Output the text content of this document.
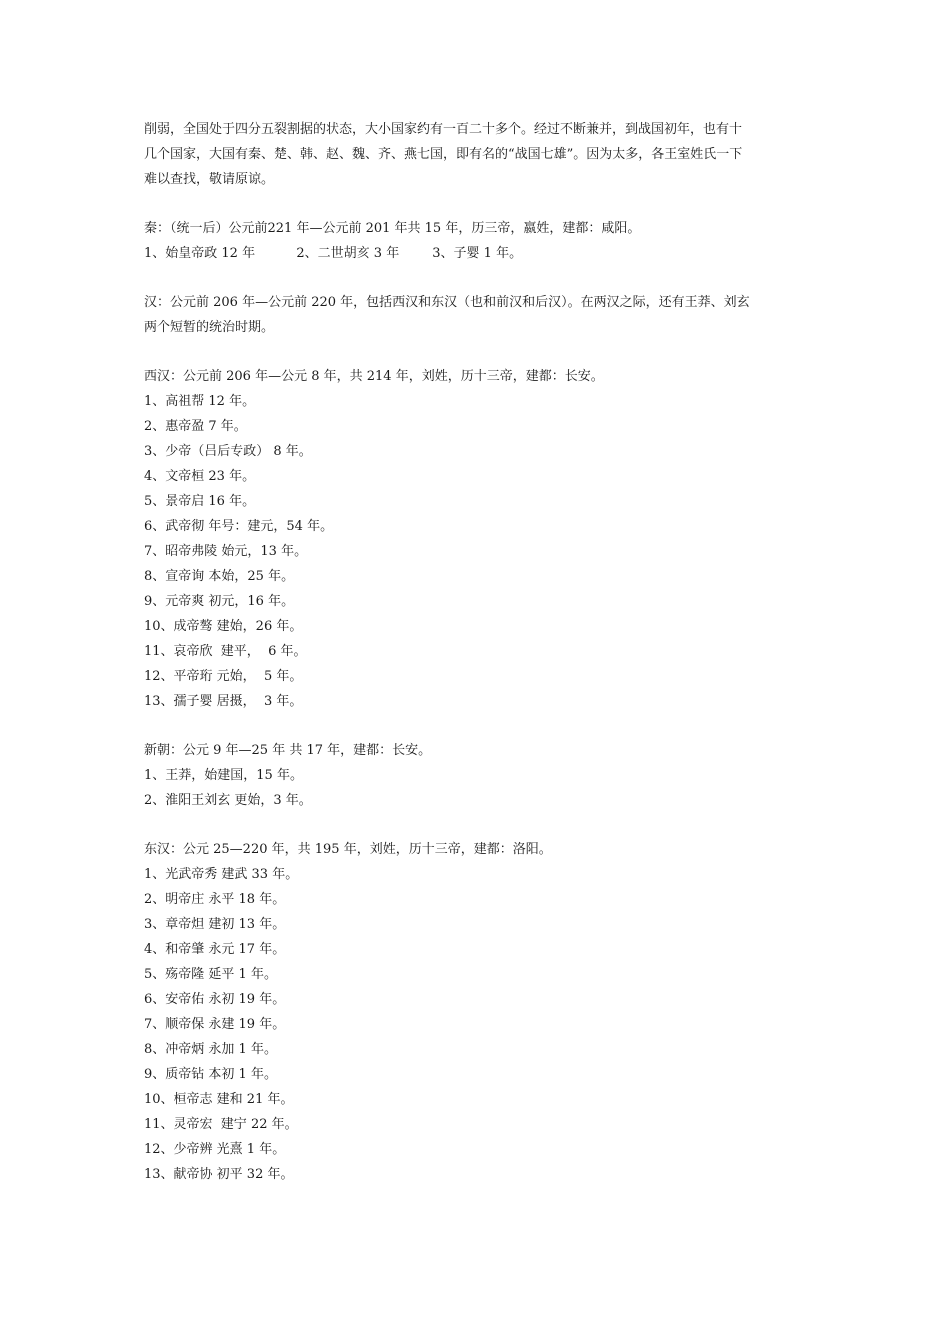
削弱，全国处于四分五裂割据的状态，大小国家约有一百二十多个。经过不断兼并，到战国初年，也有十

几个国家，大国有秦、楚、韩、赵、魏、齐、燕七国，即有名的“战国七雄”。因为太多，各王室姓氏一下

难以查找，敬请原谅。

秦：（统一后）公元前221 年—公元前 201 年共 15 年，历三帝，嬴姓，建都：咸阳。

1、始皇帝政 12 年          2、二世胡亥 3 年        3、子婴 1 年。

汉：公元前 206 年—公元前 220 年，包括西汉和东汉（也和前汉和后汉）。在两汉之际，还有王莽、刘玄

两个短暂的统治时期。

西汉：公元前 206 年—公元 8 年，共 214 年，刘姓，历十三帝，建都：长安。

1、高祖帮 12 年。

2、惠帝盈 7 年。

3、少帝（吕后专政） 8 年。

4、文帝桓 23 年。

5、景帝启 16 年。

6、武帝彻 年号：建元，54 年。

7、昭帝弗陵 始元，13 年。

8、宣帝询 本始，25 年。

9、元帝爽 初元，16 年。

10、成帝骜 建始，26 年。

11、哀帝欣  建平，  6 年。

12、平帝珩 元始，  5 年。

13、孺子婴 居摄，  3 年。

新朝：公元 9 年—25 年 共 17 年，建都：长安。

1、王莽，始建国，15 年。

2、淮阳王刘玄 更始，3 年。

东汉：公元 25—220 年，共 195 年，刘姓，历十三帝，建都：洛阳。

1、光武帝秀 建武 33 年。

2、明帝庄 永平 18 年。

3、章帝炟 建初 13 年。

4、和帝肇 永元 17 年。

5、殇帝隆 延平 1 年。

6、安帝佑 永初 19 年。

7、顺帝保 永建 19 年。

8、冲帝炳 永加 1 年。

9、质帝钻 本初 1 年。

10、桓帝志 建和 21 年。

11、灵帝宏  建宁 22 年。

12、少帝辨 光熹 1 年。

13、献帝协 初平 32 年。
